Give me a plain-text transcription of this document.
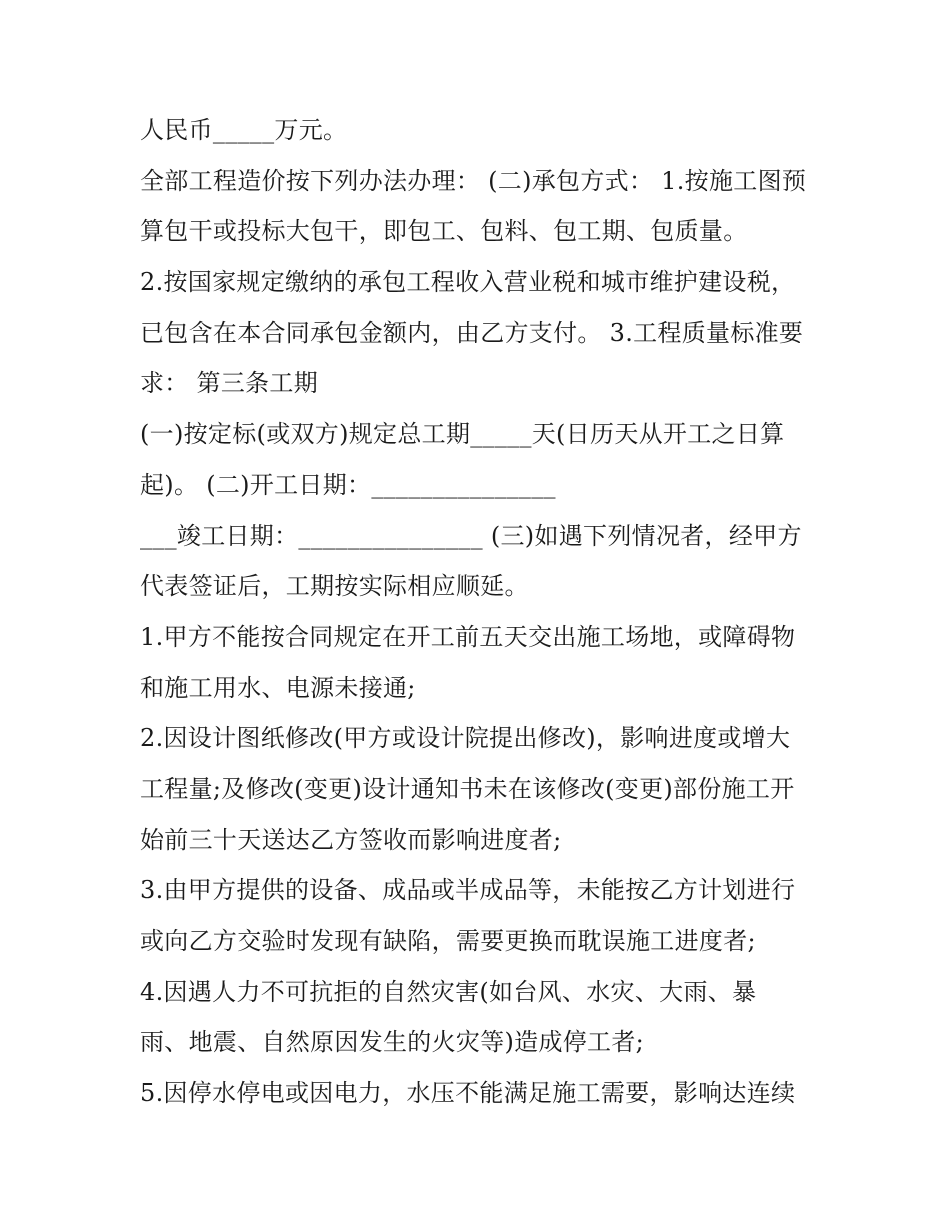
人民币_____万元。
全部工程造价按下列办法办理： (二)承包方式： 1.按施工图预
算包干或投标大包干，即包工、包料、包工期、包质量。
2.按国家规定缴纳的承包工程收入营业税和城市维护建设税，
已包含在本合同承包金额内，由乙方支付。 3.工程质量标准要
求： 第三条工期
(一)按定标(或双方)规定总工期_____天(日历天从开工之日算
起)。 (二)开工日期：_______________
___竣工日期：_______________ (三)如遇下列情况者，经甲方
代表签证后，工期按实际相应顺延。
1.甲方不能按合同规定在开工前五天交出施工场地，或障碍物
和施工用水、电源未接通;
2.因设计图纸修改(甲方或设计院提出修改)，影响进度或增大
工程量;及修改(变更)设计通知书未在该修改(变更)部份施工开
始前三十天送达乙方签收而影响进度者;
3.由甲方提供的设备、成品或半成品等，未能按乙方计划进行
或向乙方交验时发现有缺陷，需要更换而耽误施工进度者;
4.因遇人力不可抗拒的自然灾害(如台风、水灾、大雨、暴
雨、地震、自然原因发生的火灾等)造成停工者;
5.因停水停电或因电力，水压不能满足施工需要，影响达连续
